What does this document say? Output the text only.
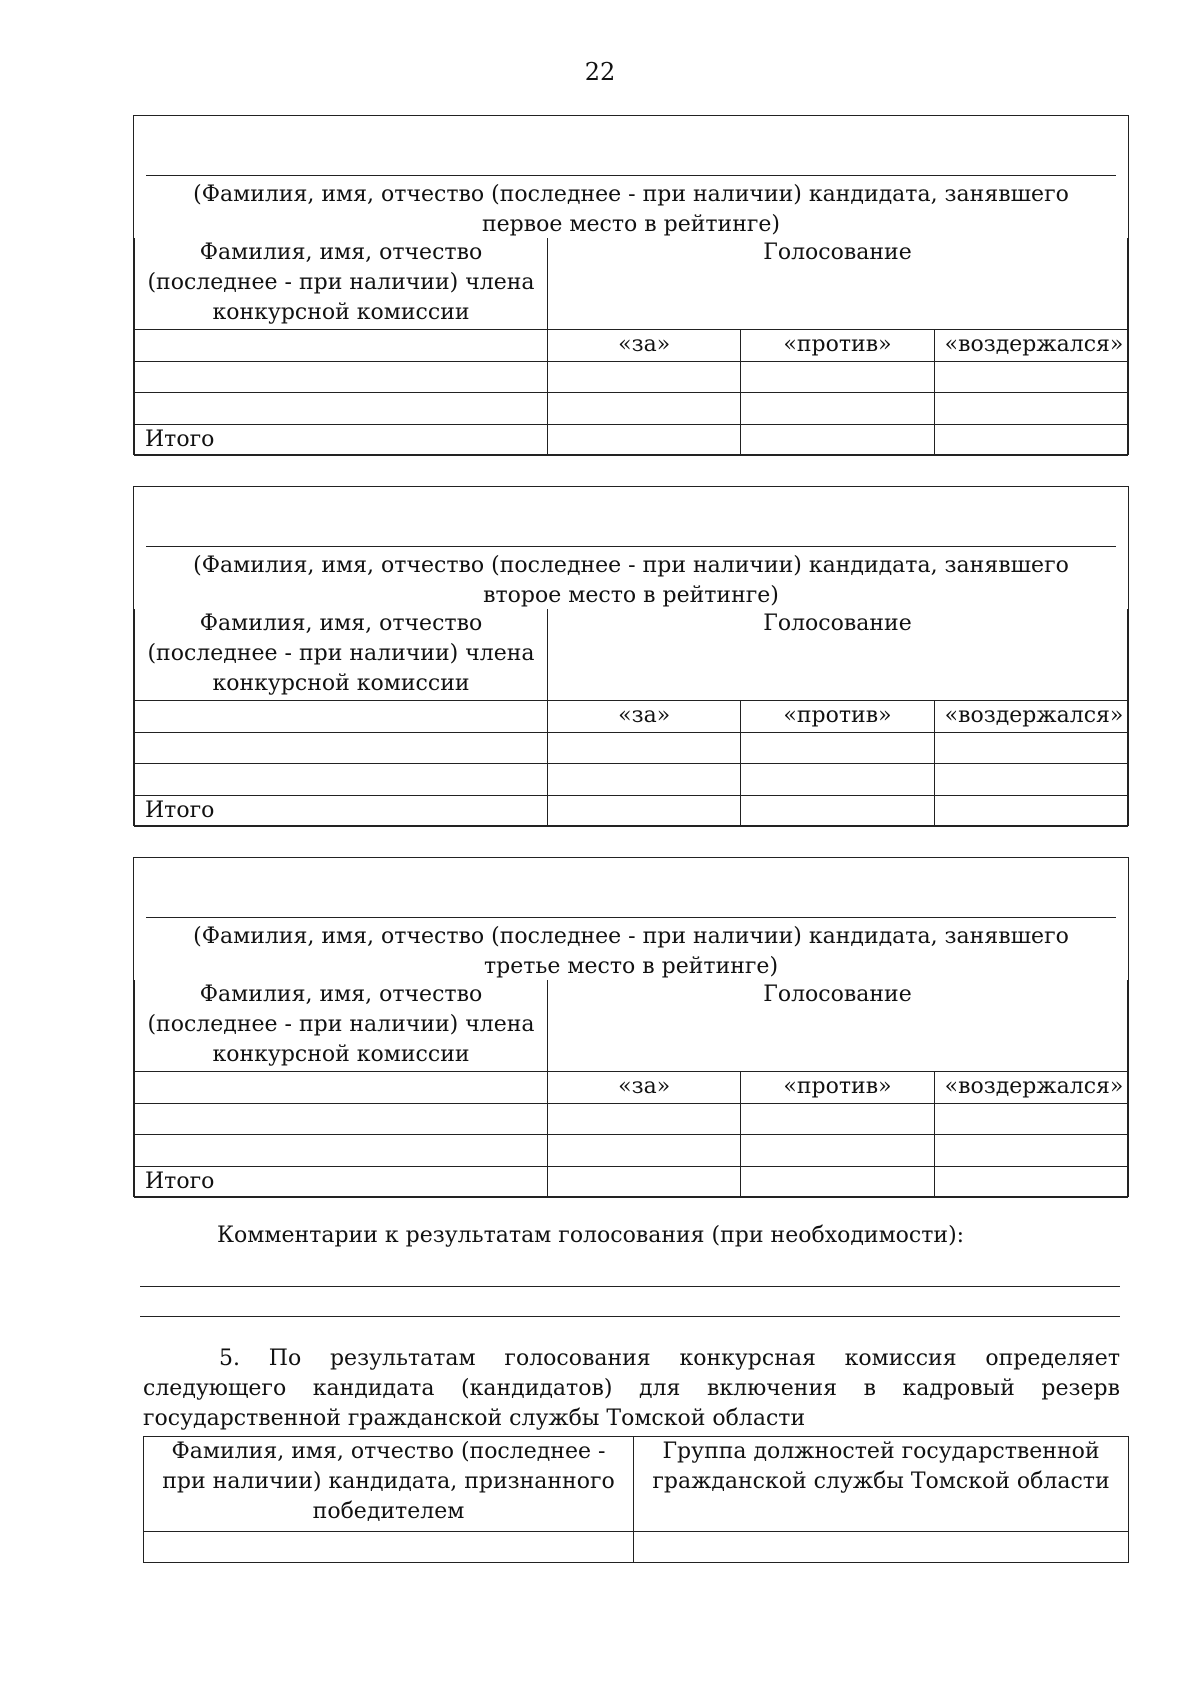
22
(Фамилия, имя, отчество (последнее - при наличии) кандидата, занявшего первое место в рейтинге)
Фамилия, имя, отчество (последнее - при наличии) члена конкурсной комиссии	Голосование		
	«за»	«против»	«воздержался»

Итого			
(Фамилия, имя, отчество (последнее - при наличии) кандидата, занявшего второе место в рейтинге)
Фамилия, имя, отчество (последнее - при наличии) члена конкурсной комиссии	Голосование		
	«за»	«против»	«воздержался»

Итого			
(Фамилия, имя, отчество (последнее - при наличии) кандидата, занявшего третье место в рейтинге)
Фамилия, имя, отчество (последнее - при наличии) члена конкурсной комиссии	Голосование		
	«за»	«против»	«воздержался»

Итого			
Комментарии к результатам голосования (при необходимости):
5. По результатам голосования конкурсная комиссия определяет следующего кандидата (кандидатов) для включения в кадровый резерв государственной гражданской службы Томской области
Фамилия, имя, отчество (последнее - при наличии) кандидата, признанного победителем	Группа должностей государственной гражданской службы Томской области
